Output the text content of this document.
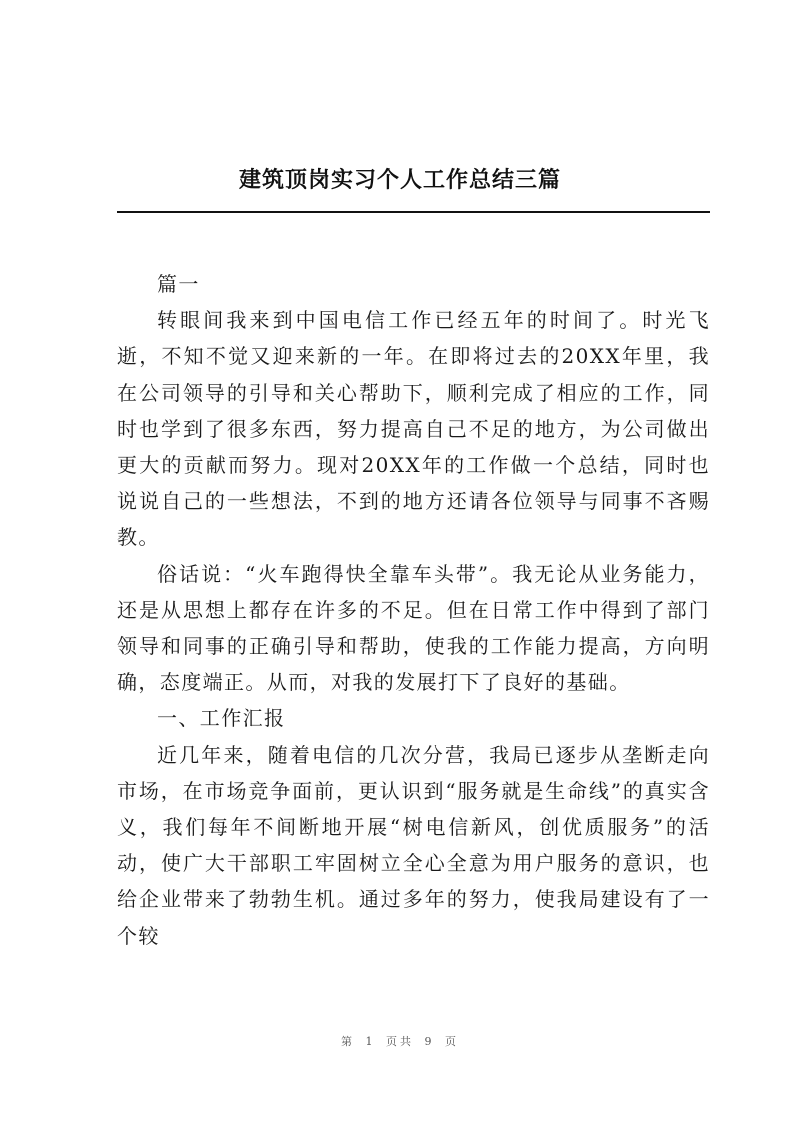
建筑顶岗实习个人工作总结三篇

篇一

转眼间我来到中国电信工作已经五年的时间了。时光飞逝，不知不觉又迎来新的一年。在即将过去的20XX年里，我在公司领导的引导和关心帮助下，顺利完成了相应的工作，同时也学到了很多东西，努力提高自己不足的地方，为公司做出更大的贡献而努力。现对20XX年的工作做一个总结，同时也说说自己的一些想法，不到的地方还请各位领导与同事不吝赐教。

俗话说：“火车跑得快全靠车头带”。我无论从业务能力，还是从思想上都存在许多的不足。但在日常工作中得到了部门领导和同事的正确引导和帮助，使我的工作能力提高，方向明确，态度端正。从而，对我的发展打下了良好的基础。

一、工作汇报

近几年来，随着电信的几次分营，我局已逐步从垄断走向市场，在市场竞争面前，更认识到“服务就是生命线”的真实含义，我们每年不间断地开展“树电信新风，创优质服务”的活动，使广大干部职工牢固树立全心全意为用户服务的意识，也给企业带来了勃勃生机。通过多年的努力，使我局建设有了一个较

第 1 页共 9 页
